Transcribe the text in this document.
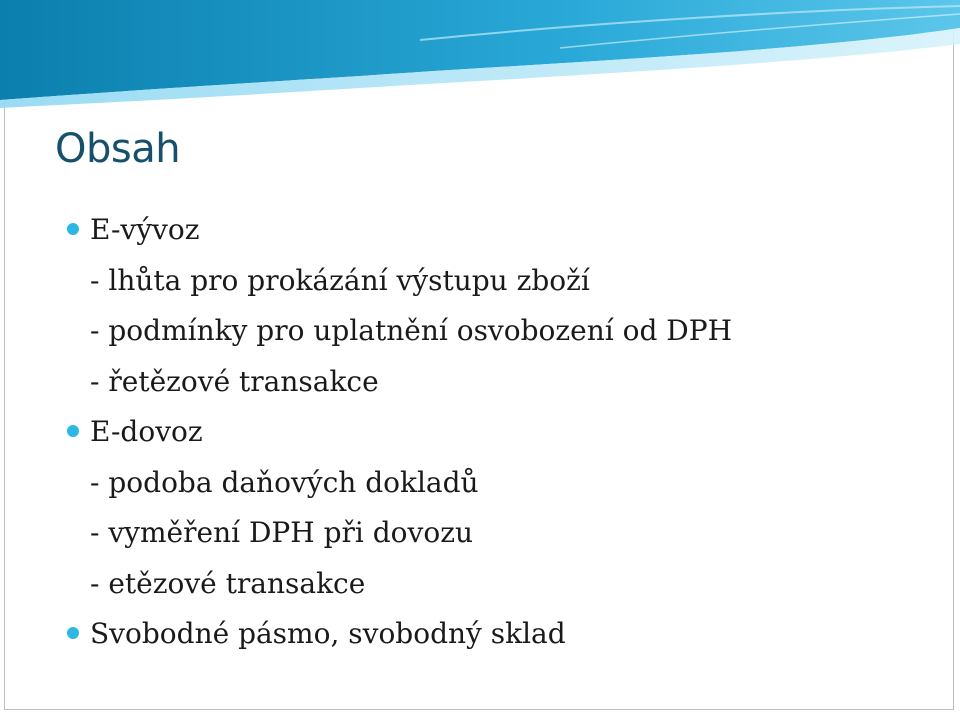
Obsah
E-vývoz
- lhůta pro prokázání výstupu zboží
- podmínky pro uplatnění osvobození od DPH
- řetězové transakce
E-dovoz
- podoba daňových dokladů
- vyměření DPH při dovozu
- etězové transakce
Svobodné pásmo, svobodný sklad
